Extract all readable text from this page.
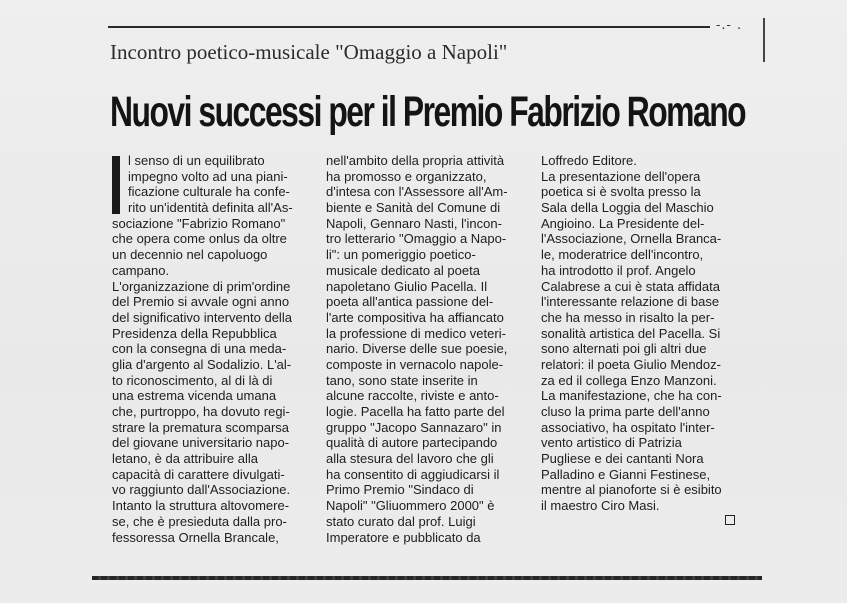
-.- .
Incontro poetico-musicale "Omaggio a Napoli"
Nuovi successi per il Premio Fabrizio Romano
l senso di un equilibrato
impegno volto ad una piani-
ficazione culturale ha confe-
rito un'identità definita all'As-
sociazione "Fabrizio Romano"
che opera come onlus da oltre
un decennio nel capoluogo
campano.
L'organizzazione di prim'ordine
del Premio si avvale ogni anno
del significativo intervento della
Presidenza della Repubblica
con la consegna di una meda-
glia d'argento al Sodalizio. L'al-
to riconoscimento, al di là di
una estrema vicenda umana
che, purtroppo, ha dovuto regi-
strare la prematura scomparsa
del giovane universitario napo-
letano, è da attribuire alla
capacità di carattere divulgati-
vo raggiunto dall'Associazione.
Intanto la struttura altovomere-
se, che è presieduta dalla pro-
fessoressa Ornella Brancale,
nell'ambito della propria attività
ha promosso e organizzato,
d'intesa con l'Assessore all'Am-
biente e Sanità del Comune di
Napoli, Gennaro Nasti, l'incon-
tro letterario "Omaggio a Napo-
li": un pomeriggio poetico-
musicale dedicato al poeta
napoletano Giulio Pacella. Il
poeta all'antica passione del-
l'arte compositiva ha affiancato
la professione di medico veteri-
nario. Diverse delle sue poesie,
composte in vernacolo napole-
tano, sono state inserite in
alcune raccolte, riviste e anto-
logie. Pacella ha fatto parte del
gruppo "Jacopo Sannazaro" in
qualità di autore partecipando
alla stesura del lavoro che gli
ha consentito di aggiudicarsi il
Primo Premio "Sindaco di
Napoli" "Gliuommero 2000" è
stato curato dal prof. Luigi
Imperatore e pubblicato da
Loffredo Editore.
La presentazione dell'opera
poetica si è svolta presso la
Sala della Loggia del Maschio
Angioino. La Presidente del-
l'Associazione, Ornella Branca-
le, moderatrice dell'incontro,
ha introdotto il prof. Angelo
Calabrese a cui è stata affidata
l'interessante relazione di base
che ha messo in risalto la per-
sonalità artistica del Pacella. Si
sono alternati poi gli altri due
relatori: il poeta Giulio Mendoz-
za ed il collega Enzo Manzoni.
La manifestazione, che ha con-
cluso la prima parte dell'anno
associativo, ha ospitato l'inter-
vento artistico di Patrizia
Pugliese e dei cantanti Nora
Palladino e Gianni Festinese,
mentre al pianoforte si è esibito
il maestro Ciro Masi.
